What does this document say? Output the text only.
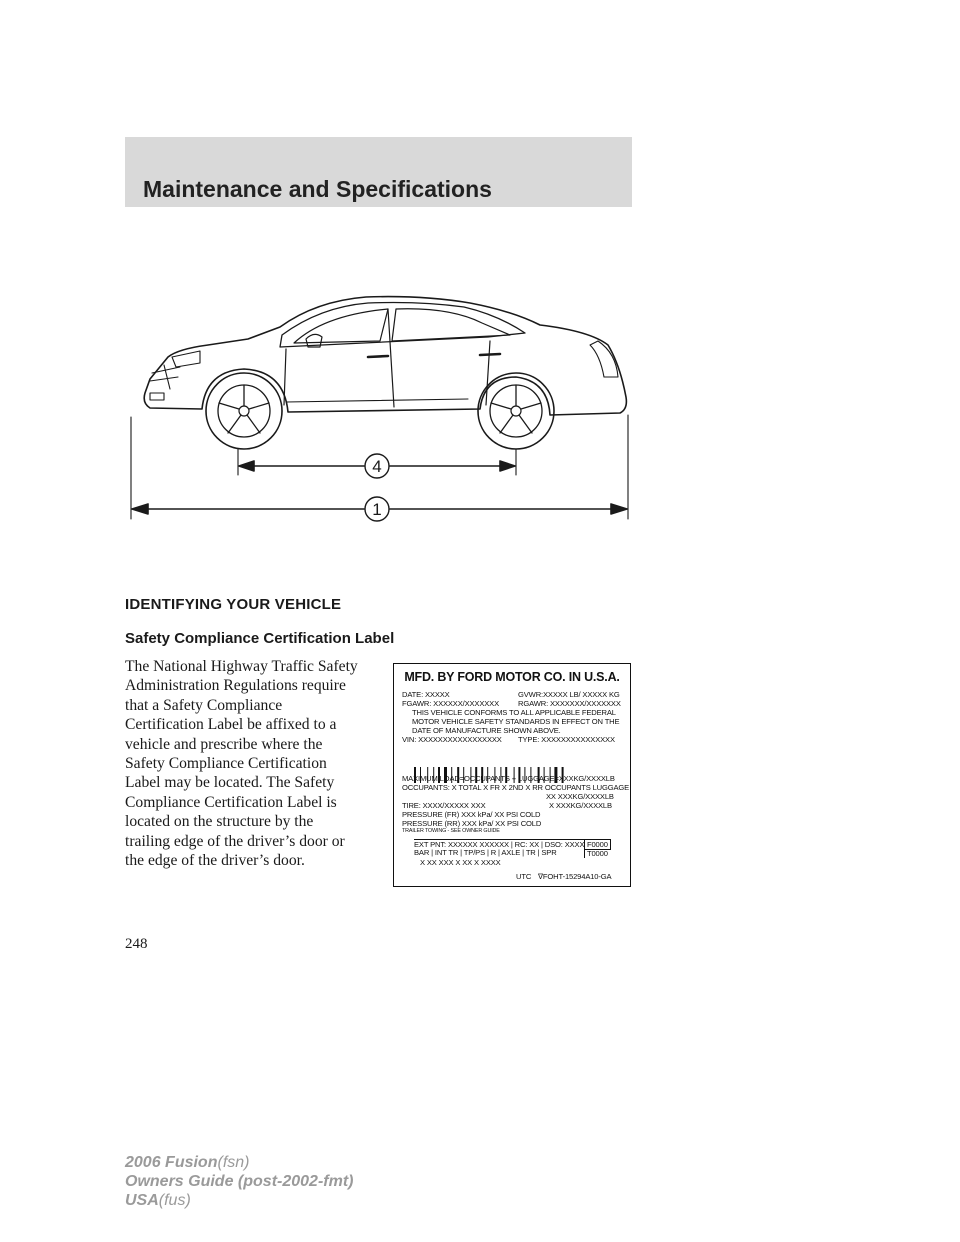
Maintenance and Specifications
4
1
IDENTIFYING YOUR VEHICLE
Safety Compliance Certification Label
The National Highway Traffic Safety
Administration Regulations require
that a Safety Compliance
Certification Label be affixed to a
vehicle and prescribe where the
Safety Compliance Certification
Label may be located. The Safety
Compliance Certification Label is
located on the structure by the
trailing edge of the driver’s door or
the edge of the driver’s door.
MFD. BY FORD MOTOR CO. IN U.S.A.
DATE: XXXXX	GVWR:XXXXX LB/ XXXXX KG
FGAWR: XXXXXX/XXXXXXX RGAWR: XXXXXXX/XXXXXXX
THIS VEHICLE CONFORMS TO ALL APPLICABLE FEDERAL
MOTOR VEHICLE SAFETY STANDARDS IN EFFECT ON THE
DATE OF MANUFACTURE SHOWN ABOVE.
VIN: XXXXXXXXXXXXXXXXX TYPE: XXXXXXXXXXXXXXX
MAXIMUM LOAD=OCCUPANTS + LUGGAGE=XXXKG/XXXXLB
OCCUPANTS: X TOTAL X FR X 2ND X RR OCCUPANTS LUGGAGE
XX XXXKG/XXXXLB
TIRE: XXXX/XXXXX XXX	X XXXKG/XXXXLB
PRESSURE (FR) XXX kPa/ XX PSI COLD
PRESSURE (RR) XXX kPa/ XX PSI COLD
TRAILER TOWING - SEE OWNER GUIDE
EXT PNT: XXXXXX XXXXXX | RC: XX | DSO: XXXX F0000
BAR | INT TR | TP/PS | R | AXLE | TR | SPR	T0000
X XX XXX X XX X XXXX
UTC ∇FOHT-15294A10-GA
248
2006 Fusion(fsn)
Owners Guide (post-2002-fmt)
USA(fus)
